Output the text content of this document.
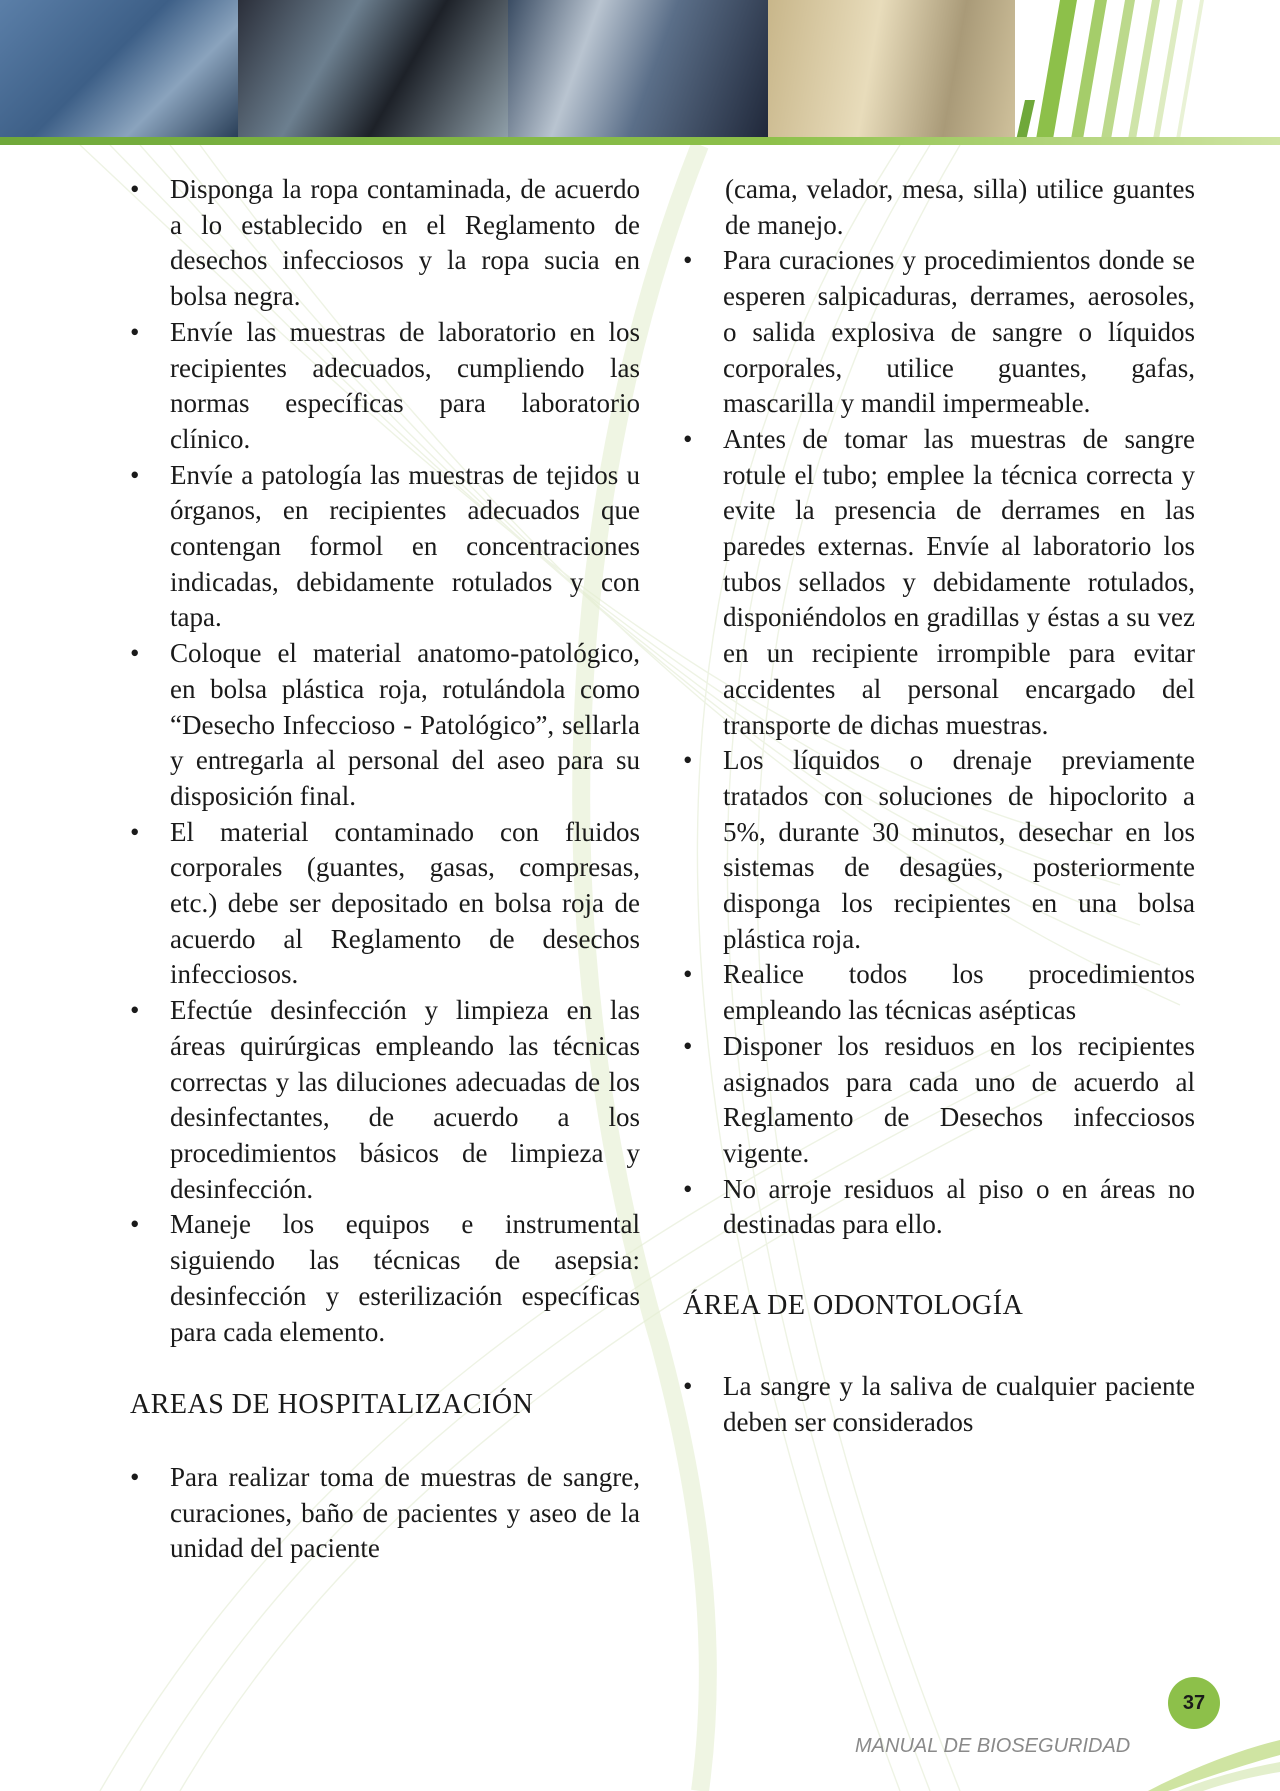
• Disponga la ropa contaminada, de acuerdo a lo establecido en el Reglamento de desechos infecciosos y la ropa sucia en bolsa negra.
• Envíe las muestras de laboratorio en los recipientes adecuados, cumpliendo las normas específicas para laboratorio clínico.
• Envíe a patología las muestras de tejidos u órganos, en recipientes adecuados que contengan formol en concentraciones indicadas, debidamente rotulados y con tapa.
• Coloque el material anatomo-patológico, en bolsa plástica roja, rotulándola como “Desecho Infeccioso - Patológico”, sellarla y entregarla al personal del aseo para su disposición final.
• El material contaminado con fluidos corporales (guantes, gasas, compresas, etc.) debe ser depositado en bolsa roja de acuerdo al Reglamento de desechos infecciosos.
• Efectúe desinfección y limpieza en las áreas quirúrgicas empleando las técnicas correctas y las diluciones adecuadas de los desinfectantes, de acuerdo a los procedimientos básicos de limpieza y desinfección.
• Maneje los equipos e instrumental siguiendo las técnicas de asepsia: desinfección y esterilización específicas para cada elemento.
AREAS DE HOSPITALIZACIÓN
• Para realizar toma de muestras de sangre, curaciones, baño de pacientes y aseo de la unidad del paciente
(cama, velador, mesa, silla) utilice guantes de manejo.
• Para curaciones y procedimientos donde se esperen salpicaduras, derrames, aerosoles, o salida explosiva de sangre o líquidos corporales, utilice guantes, gafas, mascarilla y mandil impermeable.
• Antes de tomar las muestras de sangre rotule el tubo; emplee la técnica correcta y evite la presencia de derrames en las paredes externas. Envíe al laboratorio los tubos sellados y debidamente rotulados, disponiéndolos en gradillas y éstas a su vez en un recipiente irrompible para evitar accidentes al personal encargado del transporte de dichas muestras.
• Los líquidos o drenaje previamente tratados con soluciones de hipoclorito a 5%, durante 30 minutos, desechar en los sistemas de desagües, posteriormente disponga los recipientes en una bolsa plástica roja.
• Realice todos los procedimientos empleando las técnicas asépticas
• Disponer los residuos en los recipientes asignados para cada uno de acuerdo al Reglamento de Desechos infecciosos vigente.
• No arroje residuos al piso o en áreas no destinadas para ello.
ÁREA DE ODONTOLOGÍA
• La sangre y la saliva de cualquier paciente deben ser considerados
37
MANUAL DE BIOSEGURIDAD
